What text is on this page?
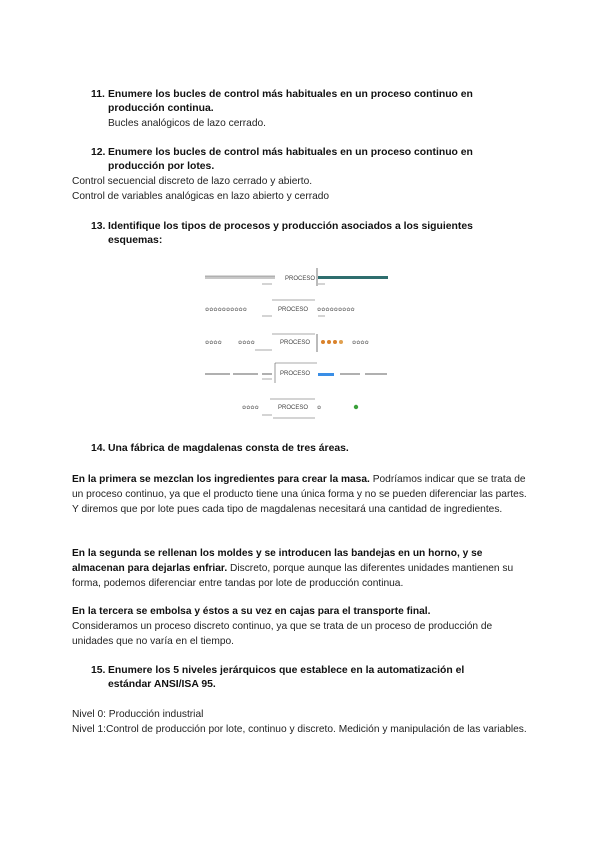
11. Enumere los bucles de control más habituales en un proceso continuo en
producción continua.
Bucles analógicos de lazo cerrado.
12. Enumere los bucles de control más habituales en un proceso continuo en
producción por lotes.
Control secuencial discreto de lazo cerrado y abierto.
Control de variables analógicas en lazo abierto y cerrado
13. Identifique los tipos de procesos y producción asociados a los siguientes
esquemas:
PROCESO
✿✿✿✿✿✿✿✿✿✿	PROCESO ✿✿✿✿✿✿✿✿✿
✿✿✿✿	✿✿✿✿	PROCESO	✿✿✿✿
PROCESO
✿✿✿✿	PROCESO ✿
14. Una fábrica de magdalenas consta de tres áreas.
En la primera se mezclan los ingredientes para crear la masa. Podríamos indicar que se trata de un proceso continuo, ya que el producto tiene una única forma y no se pueden diferenciar las partes. Y diremos que por lote pues cada tipo de magdalenas necesitará una cantidad de ingredientes.
En la segunda se rellenan los moldes y se introducen las bandejas en un horno, y se almacenan para dejarlas enfriar. Discreto, porque aunque las diferentes unidades mantienen su forma, podemos diferenciar entre tandas por lote de producción continua.
En la tercera se embolsa y éstos a su vez en cajas para el transporte final.
Consideramos un proceso discreto continuo, ya que se trata de un proceso de producción de unidades que no varía en el tiempo.
15. Enumere los 5 niveles jerárquicos que establece en la automatización el
estándar ANSI/ISA 95.
Nivel 0: Producción industrial
Nivel 1:Control de producción por lote, continuo y discreto. Medición y manipulación de las variables.
